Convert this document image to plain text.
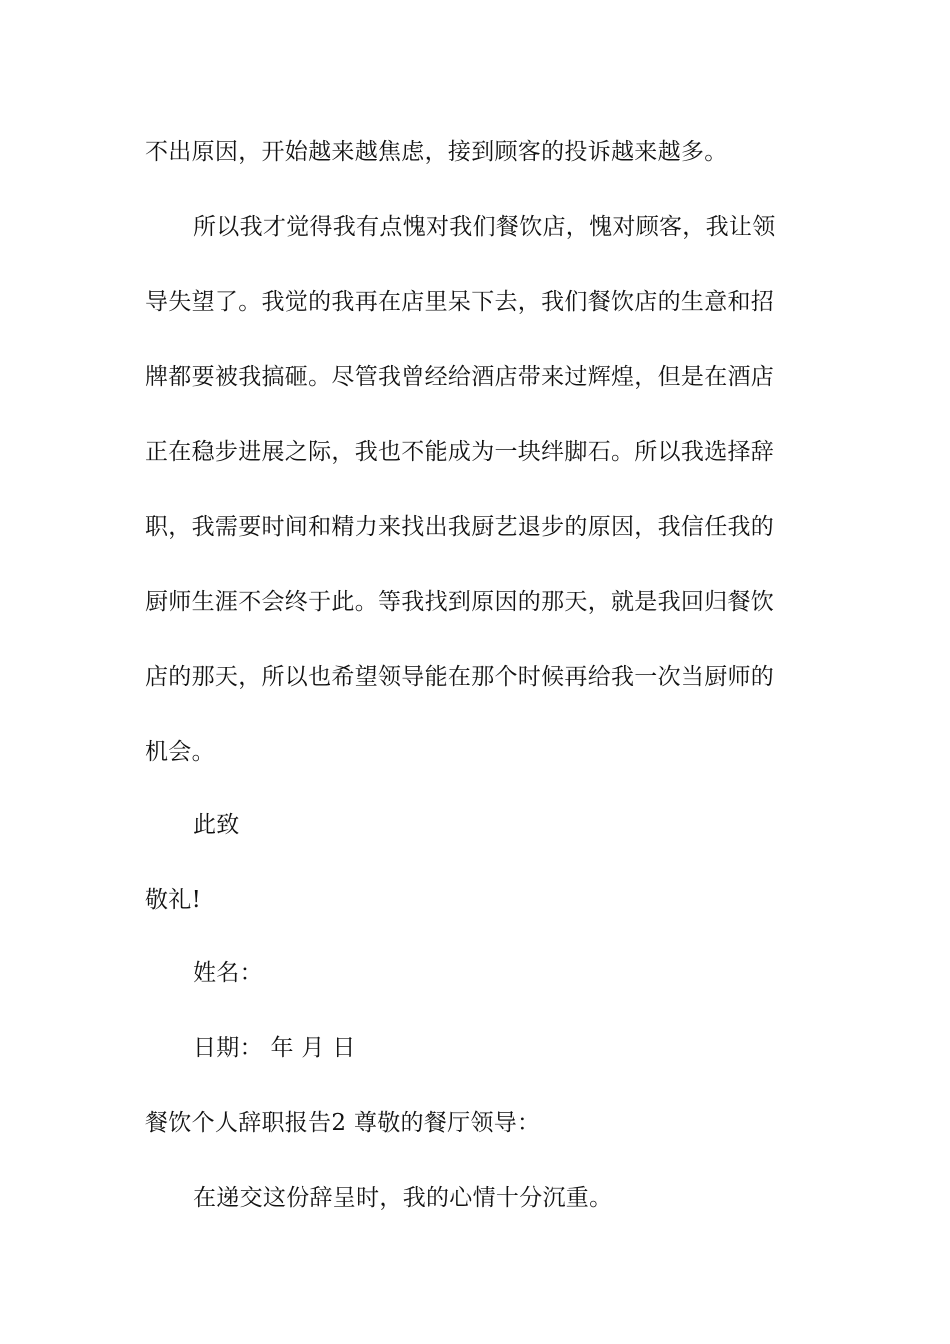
不出原因，开始越来越焦虑，接到顾客的投诉越来越多。
所以我才觉得我有点愧对我们餐饮店，愧对顾客，我让领
导失望了。我觉的我再在店里呆下去，我们餐饮店的生意和招
牌都要被我搞砸。尽管我曾经给酒店带来过辉煌，但是在酒店
正在稳步进展之际，我也不能成为一块绊脚石。所以我选择辞
职，我需要时间和精力来找出我厨艺退步的原因，我信任我的
厨师生涯不会终于此。等我找到原因的那天，就是我回归餐饮
店的那天，所以也希望领导能在那个时候再给我一次当厨师的
机会。
此致
敬礼!
姓名：
日期： 年 月 日
餐饮个人辞职报告2 尊敬的餐厅领导：
在递交这份辞呈时，我的心情十分沉重。
